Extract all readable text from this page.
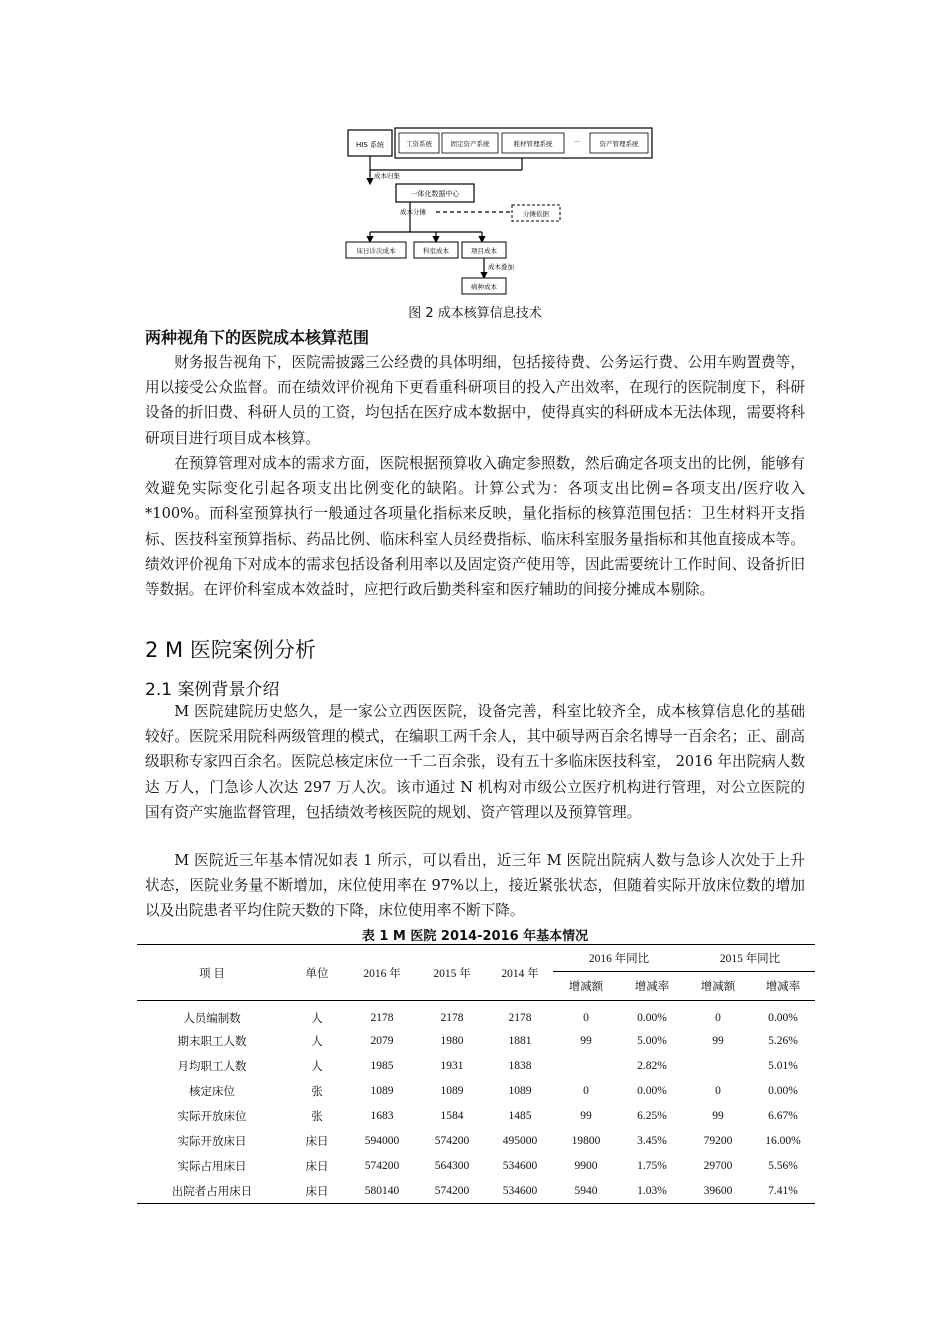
HIS 系统	工资系统	固定资产系统	耗材管理系统	···	资产管理系统
成本归集
一体化数据中心
成本分摊	分摊依据
床日诊次成本	科室成本	项目成本
成本叠加
病种成本
图 2 成本核算信息技术
两种视角下的医院成本核算范围

财务报告视角下，医院需披露三公经费的具体明细，包括接待费、公务运行费、公用车购置费等，用以接受公众监督。而在绩效评价视角下更看重科研项目的投入产出效率，在现行的医院制度下，科研设备的折旧费、科研人员的工资，均包括在医疗成本数据中，使得真实的科研成本无法体现，需要将科研项目进行项目成本核算。

在预算管理对成本的需求方面，医院根据预算收入确定参照数，然后确定各项支出的比例，能够有效避免实际变化引起各项支出比例变化的缺陷。计算公式为：各项支出比例=各项支出/医疗收入*100%。而科室预算执行一般通过各项量化指标来反映，量化指标的核算范围包括：卫生材料开支指标、医技科室预算指标、药品比例、临床科室人员经费指标、临床科室服务量指标和其他直接成本等。绩效评价视角下对成本的需求包括设备利用率以及固定资产使用等，因此需要统计工作时间、设备折旧等数据。在评价科室成本效益时，应把行政后勤类科室和医疗辅助的间接分摊成本剔除。

2 M 医院案例分析
2.1 案例背景介绍

M 医院建院历史悠久，是一家公立西医医院，设备完善，科室比较齐全，成本核算信息化的基础较好。医院采用院科两级管理的模式，在编职工两千余人，其中硕导两百余名博导一百余名；正、副高级职称专家四百余名。医院总核定床位一千二百余张，设有五十多临床医技科室， 2016 年出院病人数达 万人，门急诊人次达 297 万人次。该市通过 N 机构对市级公立医疗机构进行管理，对公立医院的国有资产实施监督管理，包括绩效考核医院的规划、资产管理以及预算管理。

M 医院近三年基本情况如表 1 所示，可以看出，近三年 M 医院出院病人数与急诊人次处于上升状态，医院业务量不断增加，床位使用率在 97%以上，接近紧张状态，但随着实际开放床位数的增加以及出院患者平均住院天数的下降，床位使用率不断下降。

表 1 M 医院 2014-2016 年基本情况
项 目	单位	2016 年	2015 年	2014 年	2016 年同比		2015 年同比	
					增减额	增减率	增减额	增减率
人员编制数	人	2178	2178	2178	0	0.00%	0	0.00%
期末职工人数	人	2079	1980	1881	99	5.00%	99	5.26%
月均职工人数	人	1985	1931	1838		2.82%		5.01%
核定床位	张	1089	1089	1089	0	0.00%	0	0.00%
实际开放床位	张	1683	1584	1485	99	6.25%	99	6.67%
实际开放床日	床日	594000	574200	495000	19800	3.45%	79200	16.00%
实际占用床日	床日	574200	564300	534600	9900	1.75%	29700	5.56%
出院者占用床日	床日	580140	574200	534600	5940	1.03%	39600	7.41%
